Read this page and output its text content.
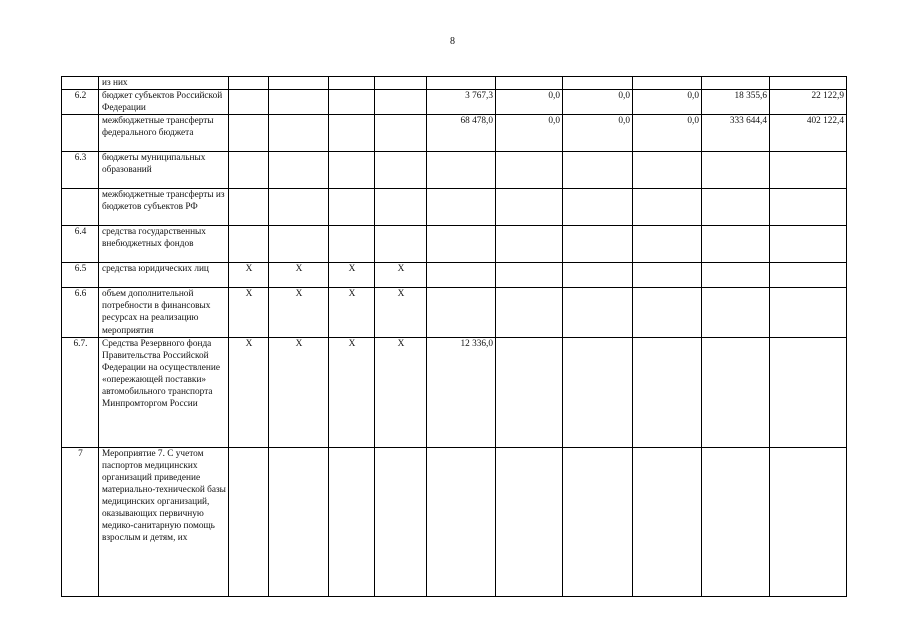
8
	из них										
6.2	бюджет субъектов Российской Федерации					3 767,3	0,0	0,0	0,0	18 355,6	22 122,9
	межбюджетные трансферты федерального бюджета					68 478,0	0,0	0,0	0,0	333 644,4	402 122,4
6.3	бюджеты муниципальных образований										
	межбюджетные трансферты из бюджетов субъектов РФ										
6.4	средства государственных внебюджетных фондов										
6.5	средства юридических лиц	X	X	X	X						
6.6	объем дополнительной потребности в финансовых ресурсах на реализацию мероприятия	X	X	X	X						
6.7.	Средства Резервного фонда Правительства Российской Федерации на осуществление «опережающей поставки» автомобильного транспорта Минпромторгом России	X	X	X	X	12 336,0					
7	Мероприятие 7. С учетом паспортов медицинских организаций приведение материально-технической базы медицинских организаций, оказывающих первичную медико-санитарную помощь взрослым и детям, их										
